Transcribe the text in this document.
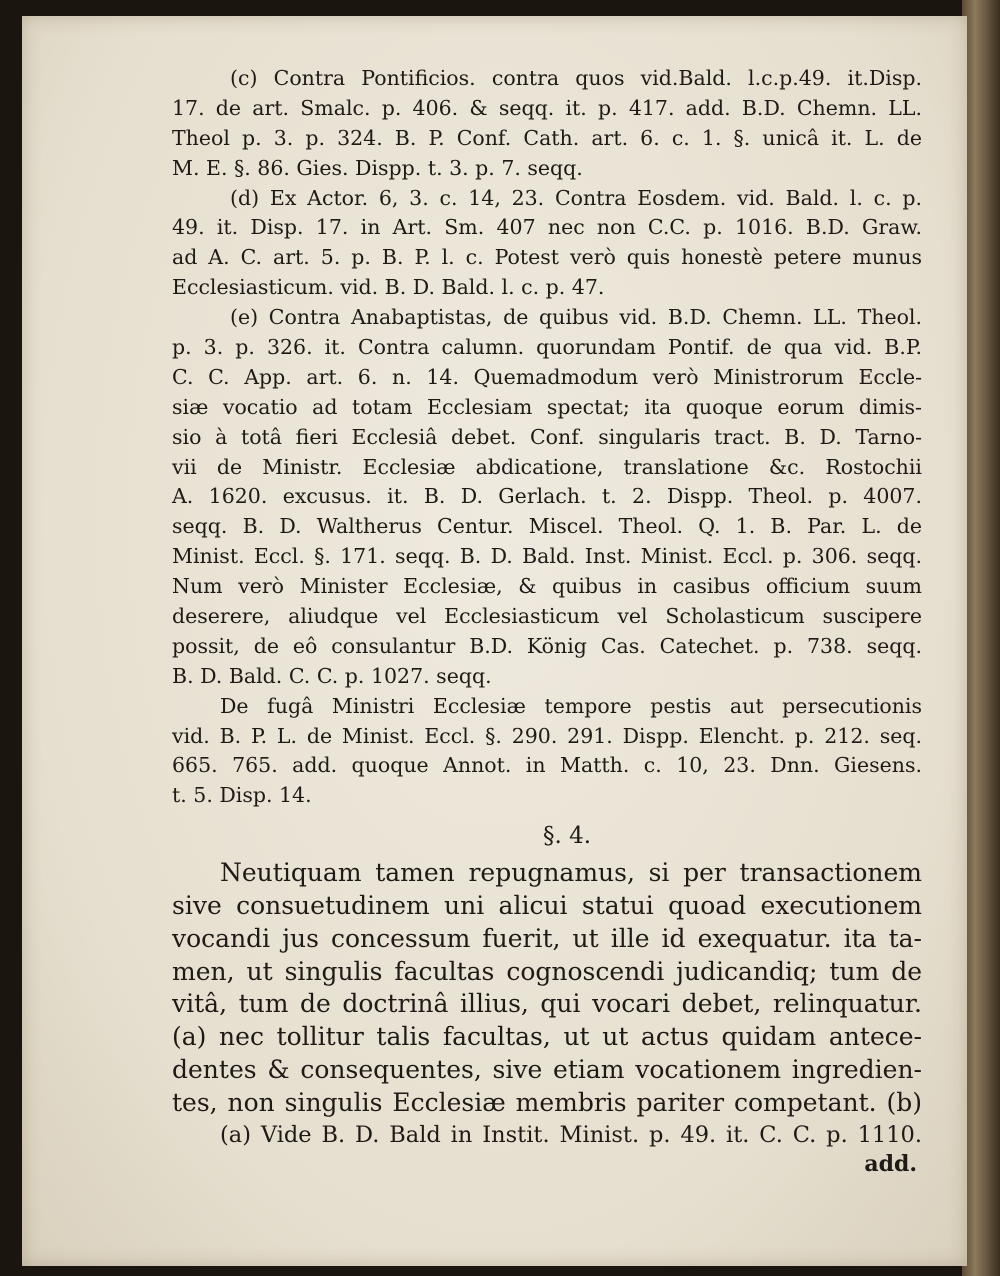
(c) Contra Pontificios. contra quos vid.Bald. l.c.p.49. it.Disp.
17. de art. Smalc. p. 406. & seqq. it. p. 417. add. B.D. Chemn. LL.
Theol p. 3. p. 324. B. P. Conf. Cath. art. 6. c. 1. §. unicâ it. L. de
M. E. §. 86. Gies. Dispp. t. 3. p. 7. seqq.
(d) Ex Actor. 6, 3. c. 14, 23. Contra Eosdem. vid. Bald. l. c. p.
49. it. Disp. 17. in Art. Sm. 407 nec non C.C. p. 1016. B.D. Graw.
ad A. C. art. 5. p. B. P. l. c. Potest verò quis honestè petere munus
Ecclesiasticum. vid. B. D. Bald. l. c. p. 47.
(e) Contra Anabaptistas, de quibus vid. B.D. Chemn. LL. Theol.
p. 3. p. 326. it. Contra calumn. quorundam Pontif. de qua vid. B.P.
C. C. App. art. 6. n. 14. Quemadmodum verò Ministrorum Eccle-
siæ vocatio ad totam Ecclesiam spectat; ita quoque eorum dimis-
sio à totâ fieri Ecclesiâ debet. Conf. singularis tract. B. D. Tarno-
vii de Ministr. Ecclesiæ abdicatione, translatione &c. Rostochii
A. 1620. excusus. it. B. D. Gerlach. t. 2. Dispp. Theol. p. 4007.
seqq. B. D. Waltherus Centur. Miscel. Theol. Q. 1. B. Par. L. de
Minist. Eccl. §. 171. seqq. B. D. Bald. Inst. Minist. Eccl. p. 306. seqq.
Num verò Minister Ecclesiæ, & quibus in casibus officium suum
deserere, aliudque vel Ecclesiasticum vel Scholasticum suscipere
possit, de eô consulantur B.D. König Cas. Catechet. p. 738. seqq.
B. D. Bald. C. C. p. 1027. seqq.
De fugâ Ministri Ecclesiæ tempore pestis aut persecutionis
vid. B. P. L. de Minist. Eccl. §. 290. 291. Dispp. Elencht. p. 212. seq.
665. 765. add. quoque Annot. in Matth. c. 10, 23. Dnn. Giesens.
t. 5. Disp. 14.
§. 4.
Neutiquam tamen repugnamus, si per transactionem
sive consuetudinem uni alicui statui quoad executionem
vocandi jus concessum fuerit, ut ille id exequatur. ita ta-
men, ut singulis facultas cognoscendi judicandiq; tum de
vitâ, tum de doctrinâ illius, qui vocari debet, relinquatur.
(a) nec tollitur talis facultas, ut ut actus quidam antece-
dentes & consequentes, sive etiam vocationem ingredien-
tes, non singulis Ecclesiæ membris pariter competant. (b)
(a) Vide B. D. Bald in Instit. Minist. p. 49. it. C. C. p. 1110.
add.
